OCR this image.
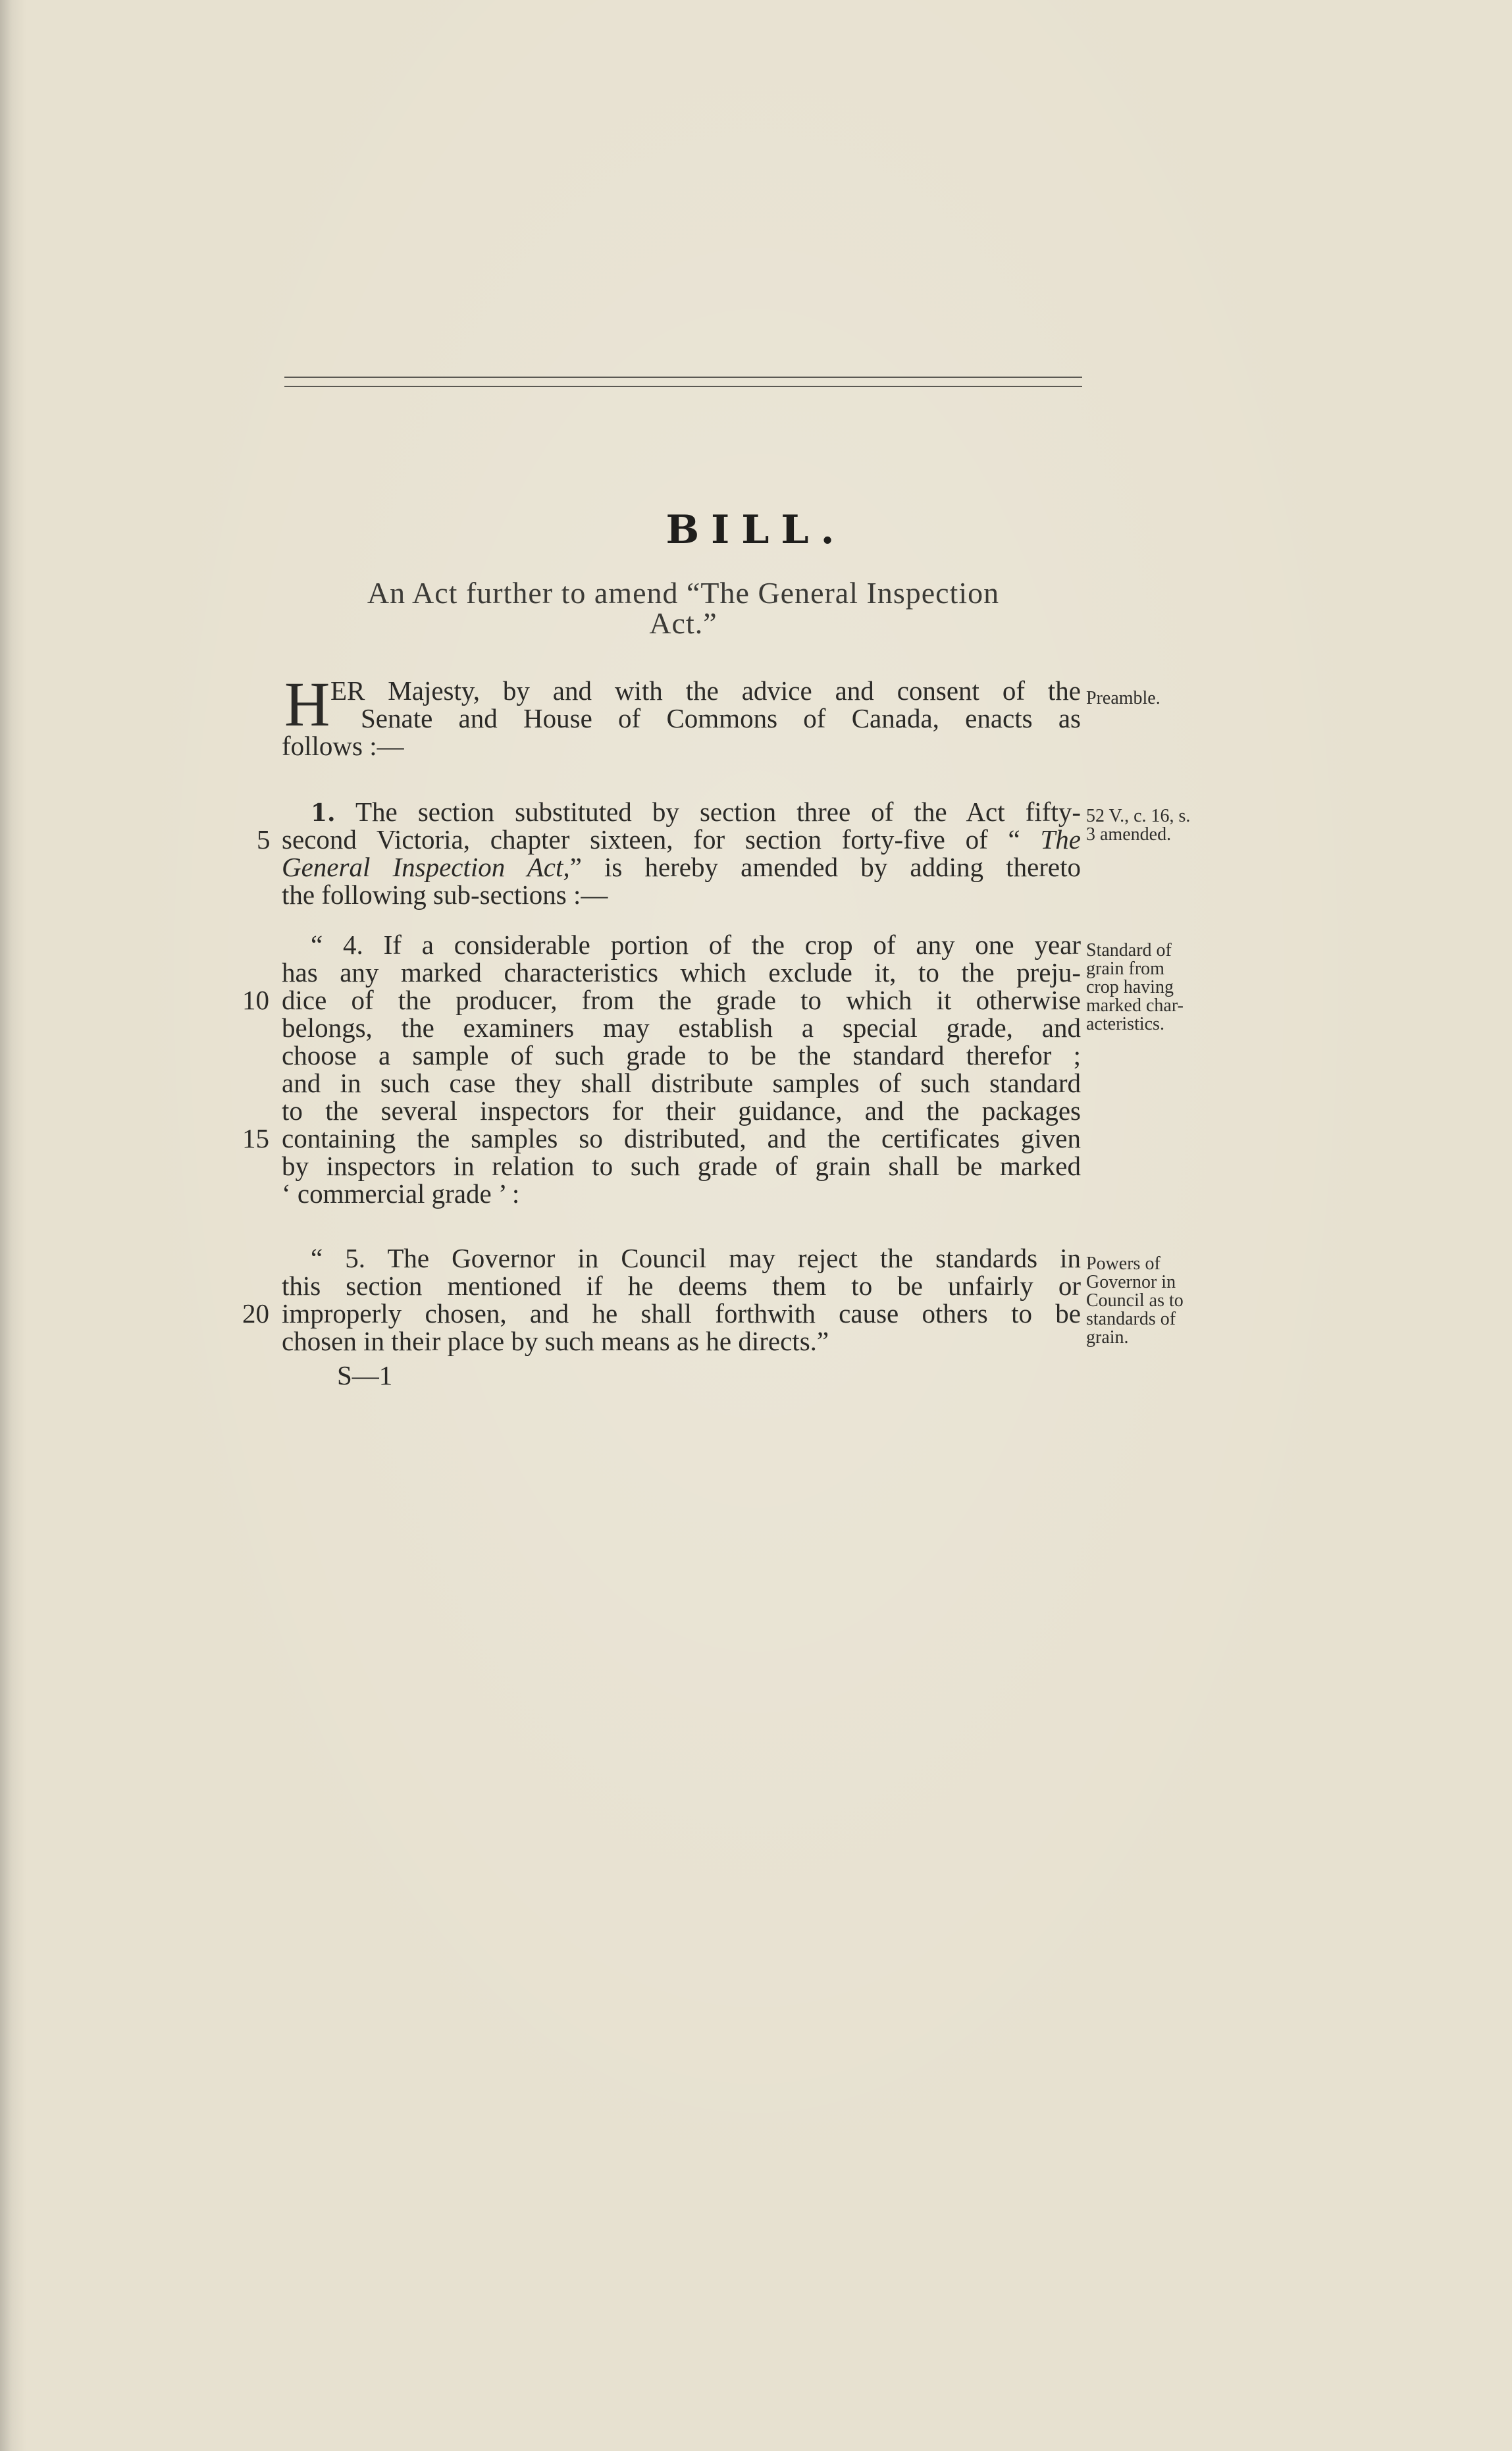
BILL.
An Act further to amend “The General Inspection
Act.”
H ER Majesty, by and with the advice and consent of the
Senate and House of Commons of Canada, enacts as
follows :—
Preamble.
1. The section substituted by section three of the Act fifty-
second Victoria, chapter sixteen, for section forty-five of “ The
General Inspection Act,” is hereby amended by adding thereto
the following sub-sections :—
52 V., c. 16, s.
3 amended.
“ 4. If a considerable portion of the crop of any one year
has any marked characteristics which exclude it, to the preju-
dice of the producer, from the grade to which it otherwise
belongs, the examiners may establish a special grade, and
choose a sample of such grade to be the standard therefor ;
and in such case they shall distribute samples of such standard
to the several inspectors for their guidance, and the packages
containing the samples so distributed, and the certificates given
by inspectors in relation to such grade of grain shall be marked
‘ commercial grade ’ :
Standard of
grain from
crop having
marked char-
acteristics.
“ 5. The Governor in Council may reject the standards in
this section mentioned if he deems them to be unfairly or
improperly chosen, and he shall forthwith cause others to be
chosen in their place by such means as he directs.”
Powers of
Governor in
Council as to
standards of
grain.
5
10
15
20
S—1
